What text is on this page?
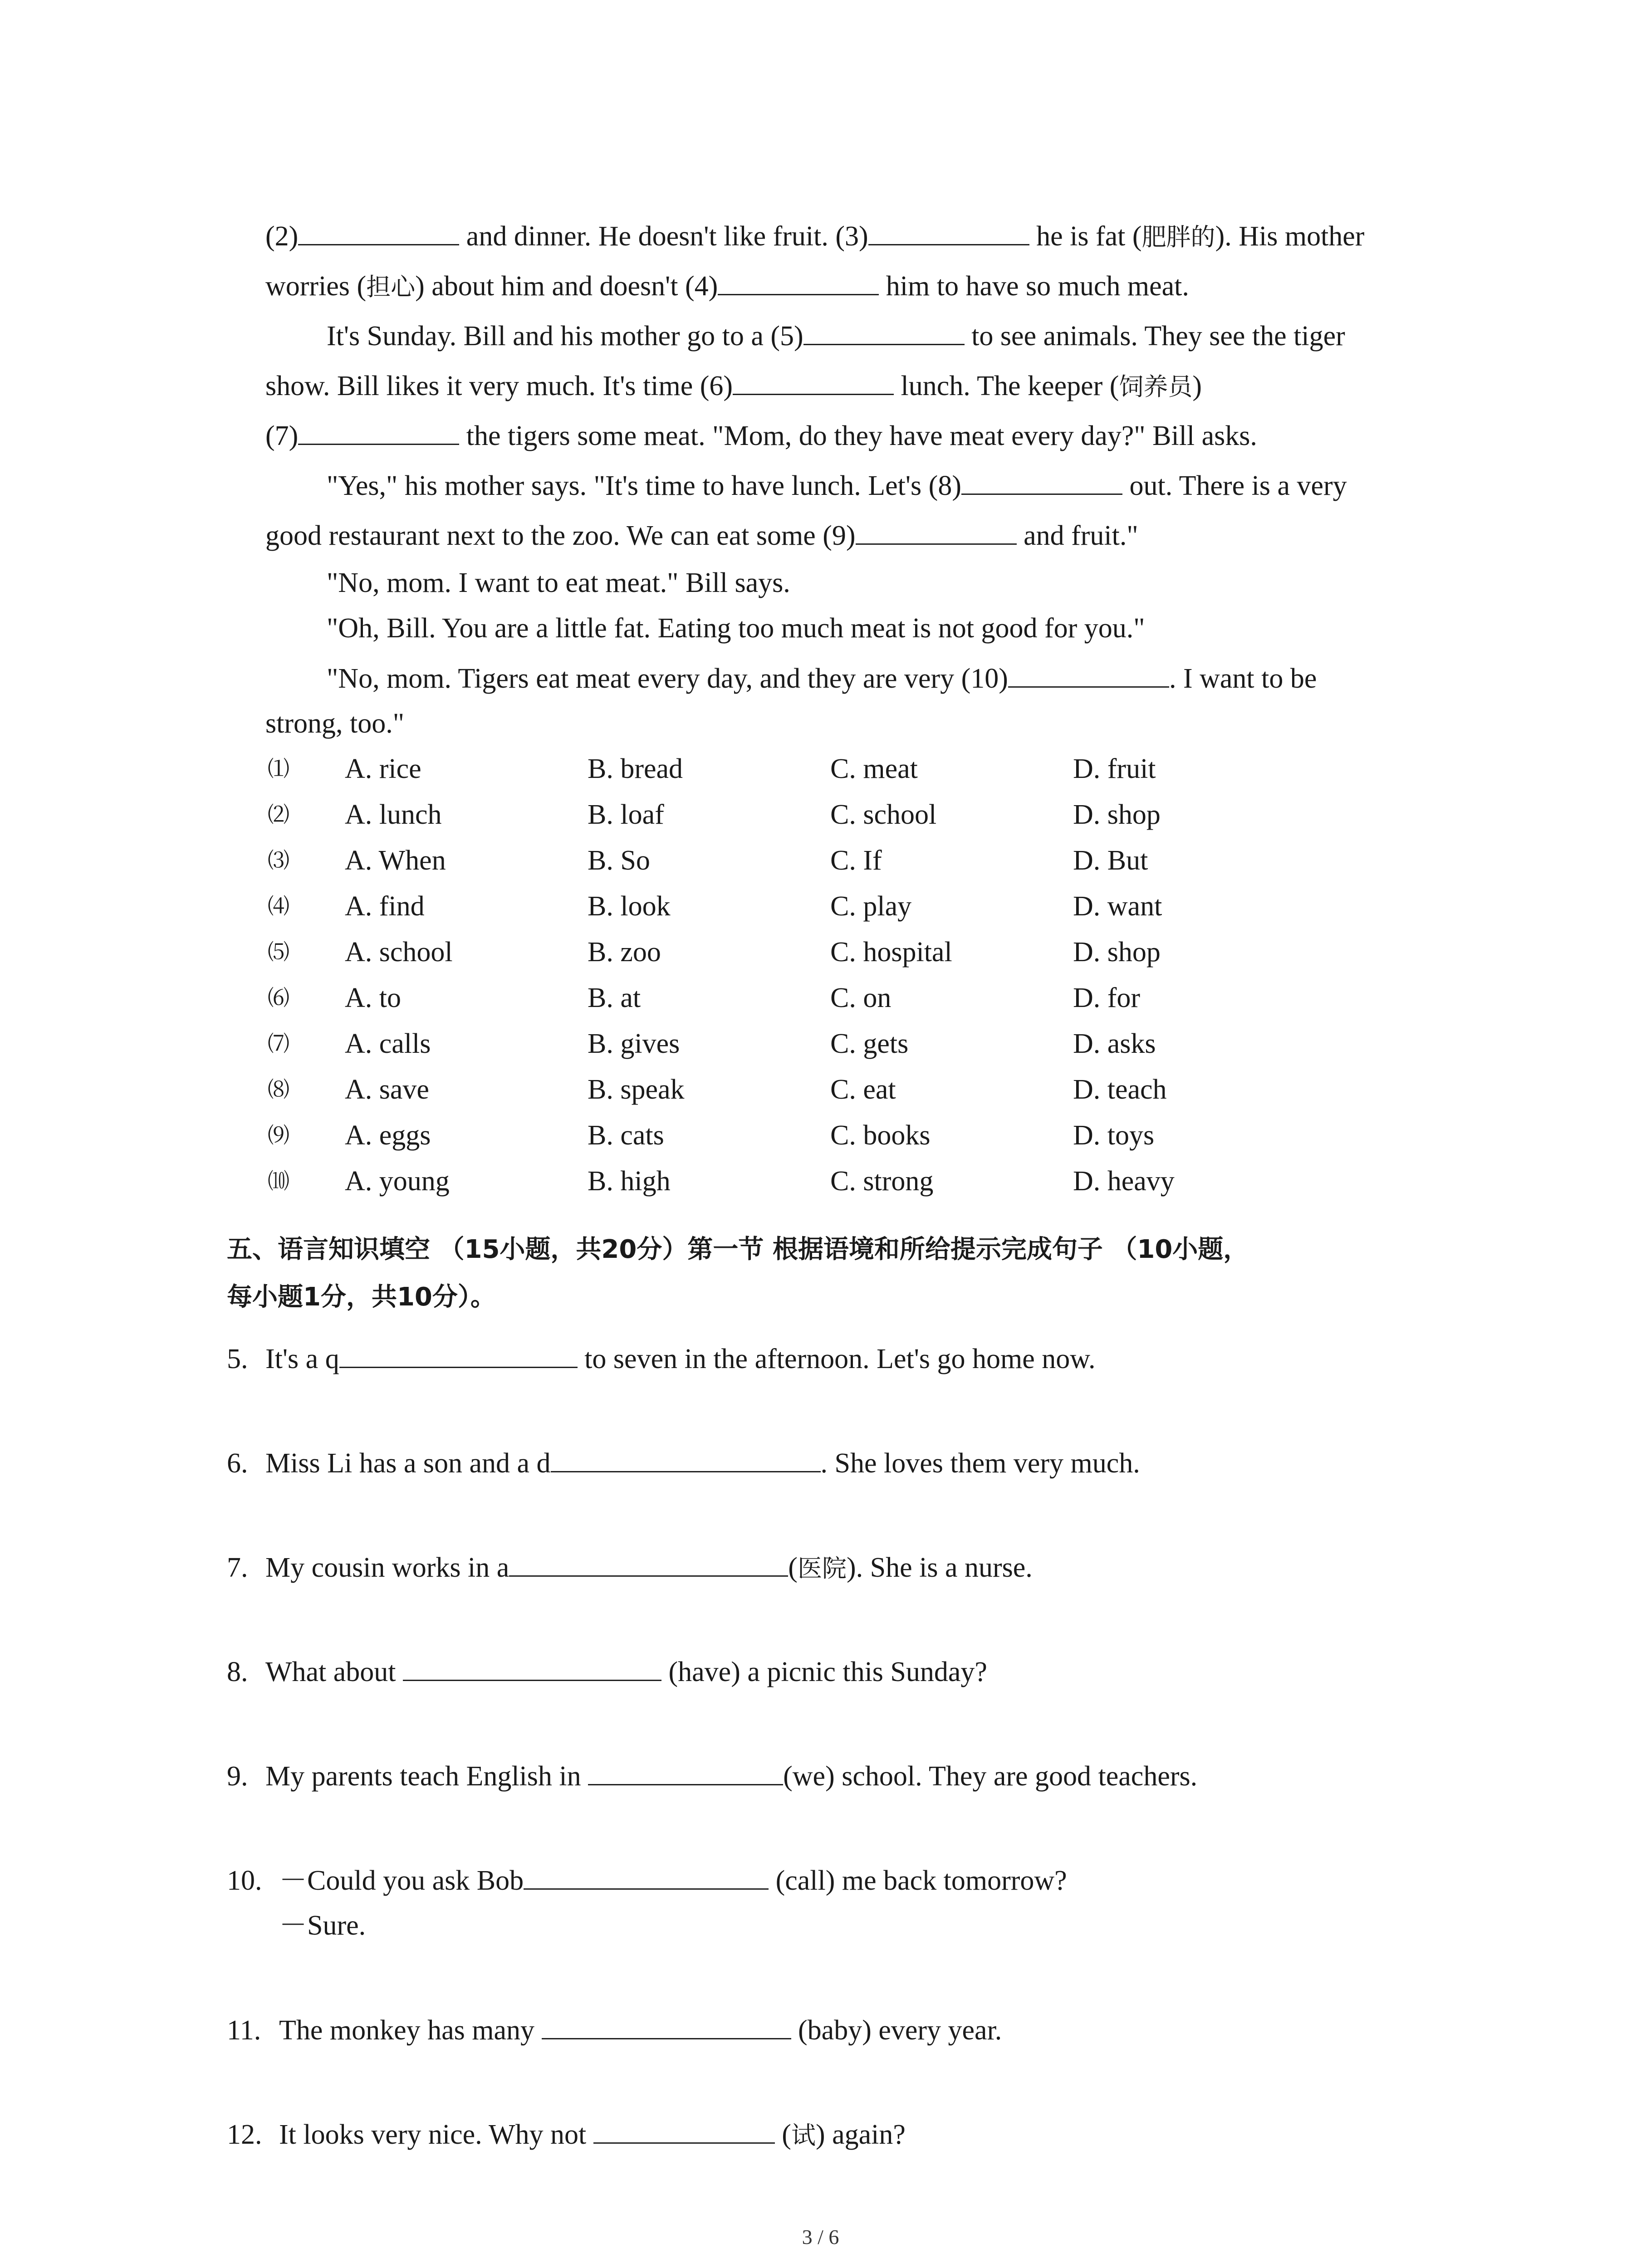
(2)	and dinner. He doesn't like fruit. (3)	he is fat (肥胖的). His mother
worries (担心) about him and doesn't (4)	him to have so much meat.
It's Sunday. Bill and his mother go to a (5)	to see animals. They see the tiger
show. Bill likes it very much. It's time (6)	lunch. The keeper (饲养员)
(7)	the tigers some meat. "Mom, do they have meat every day?" Bill asks.
"Yes," his mother says. "It's time to have lunch. Let's (8)	out. There is a very
good restaurant next to the zoo. We can eat some (9)	and fruit."
"No, mom. I want to eat meat." Bill says.
"Oh, Bill. You are a little fat. Eating too much meat is not good for you."
"No, mom. Tigers eat meat every day, and they are very (10)	. I want to be
strong, too."
⑴ A. rice	B. bread	C. meat	D. fruit
⑵ A. lunch	B. loaf	C. school	D. shop
⑶ A. When	B. So	C. If	D. But
⑷ A. find	B. look	C. play	D. want
⑸ A. school	B. zoo	C. hospital	D. shop
⑹ A. to	B. at	C. on	D. for
⑺ A. calls	B. gives	C. gets	D. asks
⑻ A. save	B. speak	C. eat	D. teach
⑼ A. eggs	B. cats	C. books	D. toys
⑽ A. young	B. high	C. strong	D. heavy
五、语言知识填空 （15小题，共20分）第一节 根据语境和所给提示完成句子 （10小题，
每小题1分，共10分）。
5. It's a q	to seven in the afternoon. Let's go home now.
6. Miss Li has a son and a d	. She loves them very much.
7. My cousin works in a	(医院). She is a nurse.
8. What about	(have) a picnic this Sunday?
9. My parents teach English in	(we) school. They are good teachers.
10. －Could you ask Bob	(call) me back tomorrow?
－Sure.
11. The monkey has many	(baby) every year.
12. It looks very nice. Why not	(试) again?
3 / 6
